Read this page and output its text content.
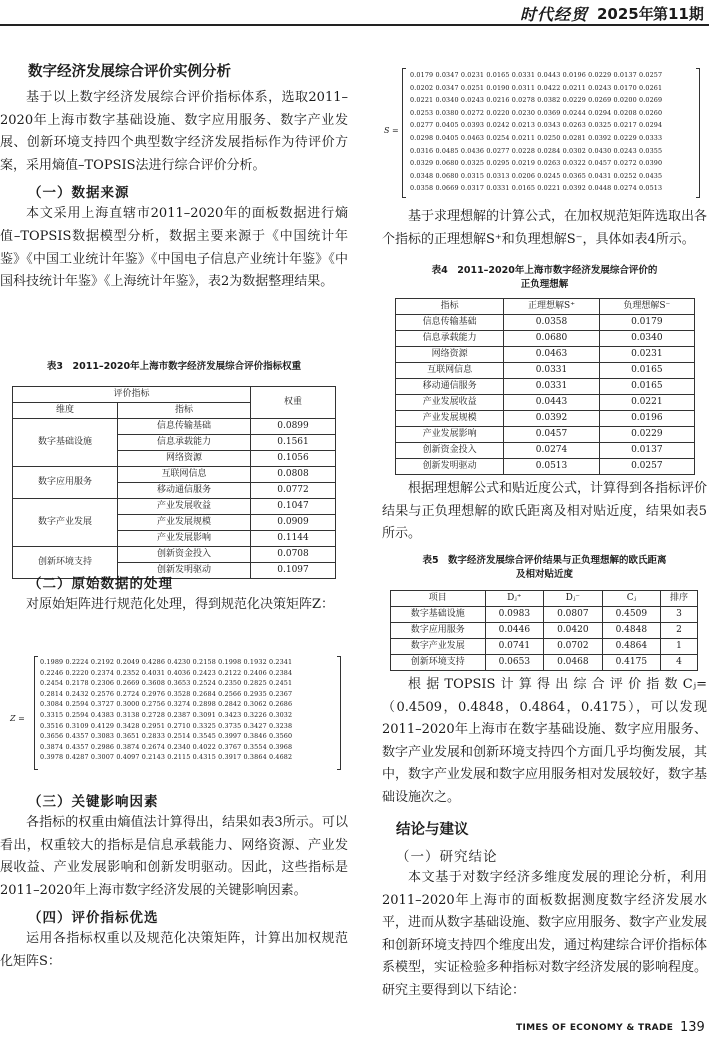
时代经贸 2025年 第11期
数字经济发展综合评价实例分析

基于以上数字经济发展综合评价指标体系，选取2011–2020年上海市数字基础设施、数字应用服务、数字产业发展、创新环境支持四个典型数字经济发展指标作为待评价方案，采用熵值–TOPSIS法进行综合评价分析。

（一）数据来源

本文采用上海直辖市2011–2020年的面板数据进行熵值–TOPSIS数据模型分析，数据主要来源于《中国统计年鉴》《中国工业统计年鉴》《中国电子信息产业统计年鉴》《中国科技统计年鉴》《上海统计年鉴》，表2为数据整理结果。

表3　2011–2020年上海市数字经济发展综合评价指标权重
评价指标		权重
维度	指标	
数字基础设施	信息传输基础	0.0899
	信息承载能力	0.1561
	网络资源	0.1056
数字应用服务	互联网信息	0.0808
	移动通信服务	0.0772
数字产业发展	产业发展收益	0.1047
	产业发展规模	0.0909
	产业发展影响	0.1144
创新环境支持	创新资金投入	0.0708
	创新发明驱动	0.1097
（二）原始数据的处理

对原始矩阵进行规范化处理，得到规范化决策矩阵Z：

Z =
0.1989 0.2224 0.2192 0.2049 0.4286 0.4230 0.2158 0.1998 0.1932 0.2341
0.2246 0.2220 0.2374 0.2352 0.4031 0.4036 0.2423 0.2122 0.2406 0.2384
0.2454 0.2178 0.2306 0.2669 0.3608 0.3653 0.2524 0.2350 0.2825 0.2451
0.2814 0.2432 0.2576 0.2724 0.2976 0.3528 0.2684 0.2566 0.2935 0.2367
0.3084 0.2594 0.3727 0.3000 0.2756 0.3274 0.2898 0.2842 0.3062 0.2686
0.3315 0.2594 0.4383 0.3138 0.2728 0.2387 0.3091 0.3423 0.3226 0.3032
0.3516 0.3109 0.4129 0.3428 0.2951 0.2710 0.3325 0.3735 0.3427 0.3238
0.3656 0.4357 0.3083 0.3651 0.2833 0.2514 0.3545 0.3997 0.3846 0.3560
0.3874 0.4357 0.2986 0.3874 0.2674 0.2340 0.4022 0.3767 0.3554 0.3968
0.3978 0.4287 0.3007 0.4097 0.2143 0.2115 0.4315 0.3917 0.3864 0.4682
（三）关键影响因素

各指标的权重由熵值法计算得出，结果如表3所示。可以看出，权重较大的指标是信息承载能力、网络资源、产业发展收益、产业发展影响和创新发明驱动。因此，这些指标是2011–2020年上海市数字经济发展的关键影响因素。

（四）评价指标优选

运用各指标权重以及规范化决策矩阵，计算出加权规范化矩阵S：

S =
0.0179 0.0347 0.0231 0.0165 0.0331 0.0443 0.0196 0.0229 0.0137 0.0257
0.0202 0.0347 0.0251 0.0190 0.0311 0.0422 0.0211 0.0243 0.0170 0.0261
0.0221 0.0340 0.0243 0.0216 0.0278 0.0382 0.0229 0.0269 0.0200 0.0269
0.0253 0.0380 0.0272 0.0220 0.0230 0.0369 0.0244 0.0294 0.0208 0.0260
0.0277 0.0405 0.0393 0.0242 0.0213 0.0343 0.0263 0.0325 0.0217 0.0294
0.0298 0.0405 0.0463 0.0254 0.0211 0.0250 0.0281 0.0392 0.0229 0.0333
0.0316 0.0485 0.0436 0.0277 0.0228 0.0284 0.0302 0.0430 0.0243 0.0355
0.0329 0.0680 0.0325 0.0295 0.0219 0.0263 0.0322 0.0457 0.0272 0.0390
0.0348 0.0680 0.0315 0.0313 0.0206 0.0245 0.0365 0.0431 0.0252 0.0435
0.0358 0.0669 0.0317 0.0331 0.0165 0.0221 0.0392 0.0448 0.0274 0.0513

基于求理想解的计算公式，在加权规范矩阵选取出各个指标的正理想解S⁺和负理想解S⁻，具体如表4所示。

表4　2011–2020年上海市数字经济发展综合评价的
正负理想解
指标	正理想解S⁺	负理想解S⁻
信息传输基础	0.0358	0.0179
信息承载能力	0.0680	0.0340
网络资源	0.0463	0.0231
互联网信息	0.0331	0.0165
移动通信服务	0.0331	0.0165
产业发展收益	0.0443	0.0221
产业发展规模	0.0392	0.0196
产业发展影响	0.0457	0.0229
创新资金投入	0.0274	0.0137
创新发明驱动	0.0513	0.0257

根据理想解公式和贴近度公式，计算得到各指标评价结果与正负理想解的欧氏距离及相对贴近度，结果如表5所示。

表5　数字经济发展综合评价结果与正负理想解的欧氏距离
及相对贴近度
项目	Dⱼ⁺	Dⱼ⁻	Cⱼ	排序
数字基础设施	0.0983	0.0807	0.4509	3
数字应用服务	0.0446	0.0420	0.4848	2
数字产业发展	0.0741	0.0702	0.4864	1
创新环境支持	0.0653	0.0468	0.4175	4

根据TOPSIS计算得出综合评价指数Cⱼ=（0.4509，0.4848，0.4864，0.4175），可以发现2011–2020年上海市在数字基础设施、数字应用服务、数字产业发展和创新环境支持四个方面几乎均衡发展，其中，数字产业发展和数字应用服务相对发展较好，数字基础设施次之。

结论与建议
（一）研究结论

本文基于对数字经济多维度发展的理论分析，利用2011–2020年上海市的面板数据测度数字经济发展水平，进而从数字基础设施、数字应用服务、数字产业发展和创新环境支持四个维度出发，通过构建综合评价指标体系模型，实证检验多种指标对数字经济发展的影响程度。研究主要得到以下结论：

TIMES OF ECONOMY & TRADE 139
